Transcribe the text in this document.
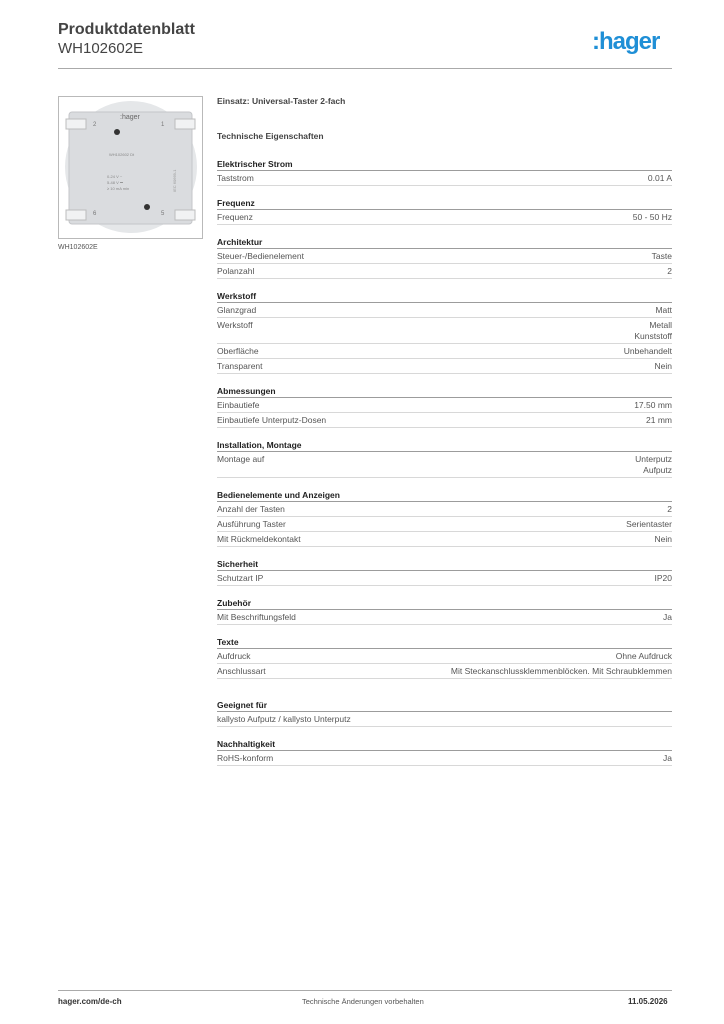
Produktdatenblatt
WH102602E	:hager
:hager
2	1
6	5
WH102602 Dt
0-24 V ~
5-48 V ⎓
≥ 10 mA min	IEC 60669-1
WH102602E
Einsatz: Universal-Taster 2-fach
Technische Eigenschaften
Elektrischer Strom
Taststrom	0.01 A
Frequenz
Frequenz	50 - 50 Hz
Architektur
Steuer-/Bedienelement	Taste
Polanzahl	2
Werkstoff
Glanzgrad	Matt
Werkstoff	Metall
Kunststoff
Oberfläche	Unbehandelt
Transparent	Nein
Abmessungen
Einbautiefe	17.50 mm
Einbautiefe Unterputz-Dosen	21 mm
Installation, Montage
Montage auf	Unterputz
Aufputz
Bedienelemente und Anzeigen
Anzahl der Tasten	2
Ausführung Taster	Serientaster
Mit Rückmeldekontakt	Nein
Sicherheit
Schutzart IP	IP20
Zubehör
Mit Beschriftungsfeld	Ja
Texte
Aufdruck	Ohne Aufdruck
Anschlussart	Mit Steckanschlussklemmenblöcken. Mit Schraubklemmen
Geeignet für
kallysto Aufputz / kallysto Unterputz
Nachhaltigkeit
RoHS-konform	Ja
hager.com/de-ch	Technische Änderungen vorbehalten	11.05.2026
